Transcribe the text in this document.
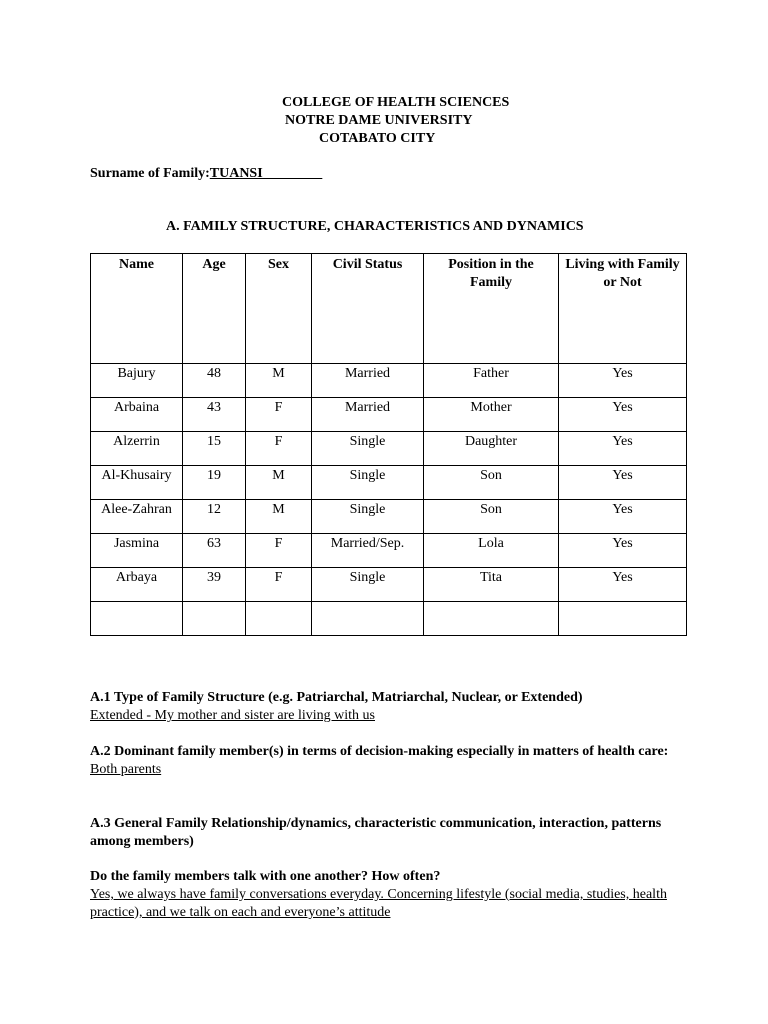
COLLEGE OF HEALTH SCIENCES
NOTRE DAME UNIVERSITY
COTABATO CITY
Surname of Family:TUANSI ________
A. FAMILY STRUCTURE, CHARACTERISTICS AND DYNAMICS
Name	Age	Sex	Civil Status	Position in the Family	Living with Family or Not
Bajury	48	M	Married	Father	Yes
Arbaina	43	F	Married	Mother	Yes
Alzerrin	15	F	Single	Daughter	Yes
Al-Khusairy	19	M	Single	Son	Yes
Alee-Zahran	12	M	Single	Son	Yes
Jasmina	63	F	Married/Sep.	Lola	Yes
Arbaya	39	F	Single	Tita	Yes

A.1 Type of Family Structure (e.g. Patriarchal, Matriarchal, Nuclear, or Extended)
Extended - My mother and sister are living with us
A.2 Dominant family member(s) in terms of decision-making especially in matters of health care:
Both parents
A.3 General Family Relationship/dynamics, characteristic communication, interaction, patterns among members)
Do the family members talk with one another? How often?
Yes, we always have family conversations everyday. Concerning lifestyle (social media, studies, health practice), and we talk on each and everyone’s attitude
